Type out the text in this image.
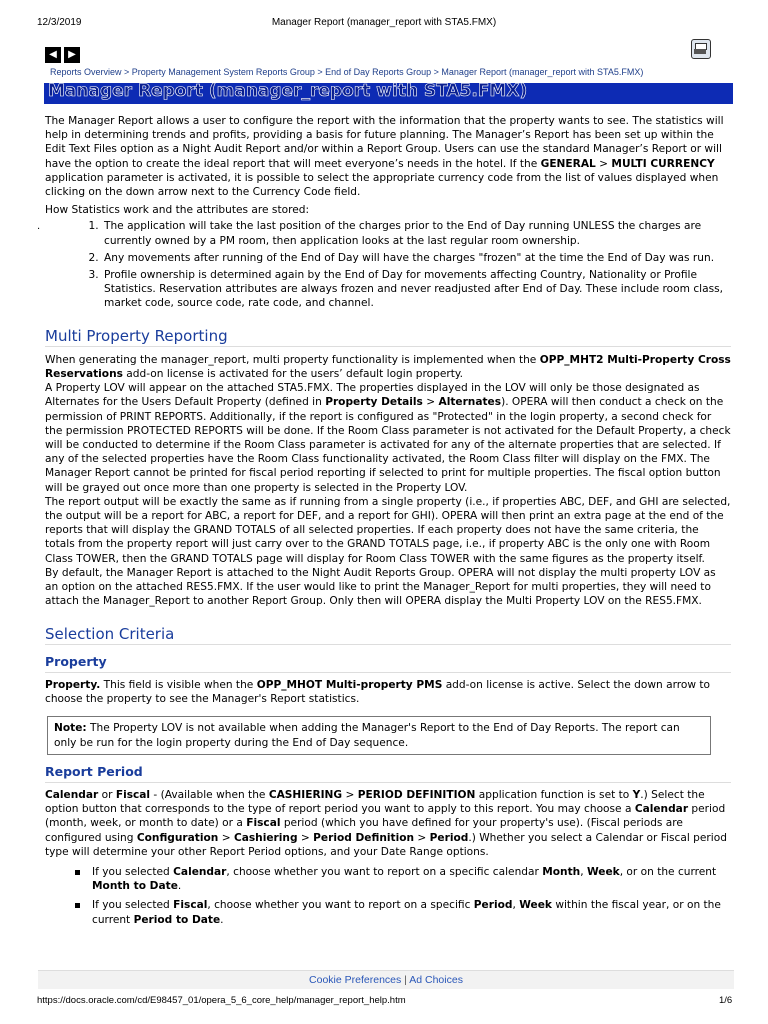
12/3/2019	Manager Report (manager_report with STA5.FMX)
◀	▶
Reports Overview > Property Management System Reports Group > End of Day Reports Group > Manager Report (manager_report with STA5.FMX)
Manager Report (manager_report with STA5.FMX)
.

The Manager Report allows a user to configure the report with the information that the property wants to see. The statistics will help in determining trends and profits, providing a basis for future planning. The Manager’s Report has been set up within the Edit Text Files option as a Night Audit Report and/or within a Report Group. Users can use the standard Manager’s Report or will have the option to create the ideal report that will meet everyone’s needs in the hotel. If the GENERAL > MULTI CURRENCY application parameter is activated, it is possible to select the appropriate currency code from the list of values displayed when clicking on the down arrow next to the Currency Code field.

How Statistics work and the attributes are stored:

1. The application will take the last position of the charges prior to the End of Day running UNLESS the charges are currently owned by a PM room, then application looks at the last regular room ownership.
2. Any movements after running of the End of Day will have the charges "frozen" at the time the End of Day was run.
3. Profile ownership is determined again by the End of Day for movements affecting Country, Nationality or Profile Statistics. Reservation attributes are always frozen and never readjusted after End of Day. These include room class, market code, source code, rate code, and channel.
Multi Property Reporting

When generating the manager_report, multi property functionality is implemented when the OPP_MHT2 Multi-Property Cross Reservations add-on license is activated for the users’ default login property.

A Property LOV will appear on the attached STA5.FMX. The properties displayed in the LOV will only be those designated as Alternates for the Users Default Property (defined in Property Details > Alternates). OPERA will then conduct a check on the permission of PRINT REPORTS. Additionally, if the report is configured as "Protected" in the login property, a second check for the permission PROTECTED REPORTS will be done. If the Room Class parameter is not activated for the Default Property, a check will be conducted to determine if the Room Class parameter is activated for any of the alternate properties that are selected. If any of the selected properties have the Room Class functionality activated, the Room Class filter will display on the FMX. The Manager Report cannot be printed for fiscal period reporting if selected to print for multiple properties. The fiscal option button will be grayed out once more than one property is selected in the Property LOV.

The report output will be exactly the same as if running from a single property (i.e., if properties ABC, DEF, and GHI are selected, the output will be a report for ABC, a report for DEF, and a report for GHI). OPERA will then print an extra page at the end of the reports that will display the GRAND TOTALS of all selected properties. If each property does not have the same criteria, the totals from the property report will just carry over to the GRAND TOTALS page, i.e., if property ABC is the only one with Room Class TOWER, then the GRAND TOTALS page will display for Room Class TOWER with the same figures as the property itself.

By default, the Manager Report is attached to the Night Audit Reports Group. OPERA will not display the multi property LOV as an option on the attached RES5.FMX. If the user would like to print the Manager_Report for multi properties, they will need to attach the Manager_Report to another Report Group. Only then will OPERA display the Multi Property LOV on the RES5.FMX.

Selection Criteria
Property

Property. This field is visible when the OPP_MHOT Multi-property PMS add-on license is active. Select the down arrow to choose the property to see the Manager's Report statistics.

Note: The Property LOV is not available when adding the Manager's Report to the End of Day Reports. The report can only be run for the login property during the End of Day sequence.
Report Period

Calendar or Fiscal - (Available when the CASHIERING > PERIOD DEFINITION application function is set to Y.) Select the option button that corresponds to the type of report period you want to apply to this report. You may choose a Calendar period (month, week, or month to date) or a Fiscal period (which you have defined for your property's use). (Fiscal periods are configured using Configuration > Cashiering > Period Definition > Period.) Whether you select a Calendar or Fiscal period type will determine your other Report Period options, and your Date Range options.

If you selected Calendar, choose whether you want to report on a specific calendar Month, Week, or on the current Month to Date.
If you selected Fiscal, choose whether you want to report on a specific Period, Week within the fiscal year, or on the current Period to Date.
Cookie Preferences | Ad Choices
https://docs.oracle.com/cd/E98457_01/opera_5_6_core_help/manager_report_help.htm	1/6
